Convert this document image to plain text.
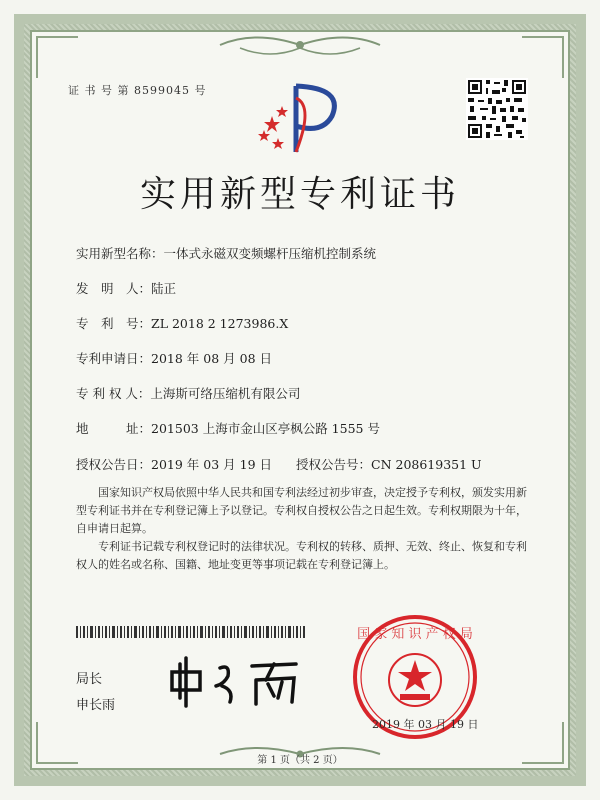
证 书 号 第 8599045 号
实用新型专利证书
实用新型名称：一体式永磁双变频螺杆压缩机控制系统
发　明　人：陆正
专　利　号：ZL 2018 2 1273986.X
专利申请日：2018 年 08 月 08 日
专 利 权 人：上海斯可络压缩机有限公司
地　　　址：201503 上海市金山区亭枫公路 1555 号
授权公告日：2019 年 03 月 19 日 授权公告号：CN 208619351 U
国家知识产权局依照中华人民共和国专利法经过初步审查，决定授予专利权，颁发实用新型专利证书并在专利登记簿上予以登记。专利权自授权公告之日起生效。专利权期限为十年，自申请日起算。
专利证书记载专利权登记时的法律状况。专利权的转移、质押、无效、终止、恢复和专利权人的姓名或名称、国籍、地址变更等事项记载在专利登记簿上。
局长
申长雨
国 家 知 识 产 权 局
2019 年 03 月 19 日
第 1 页（共 2 页）
